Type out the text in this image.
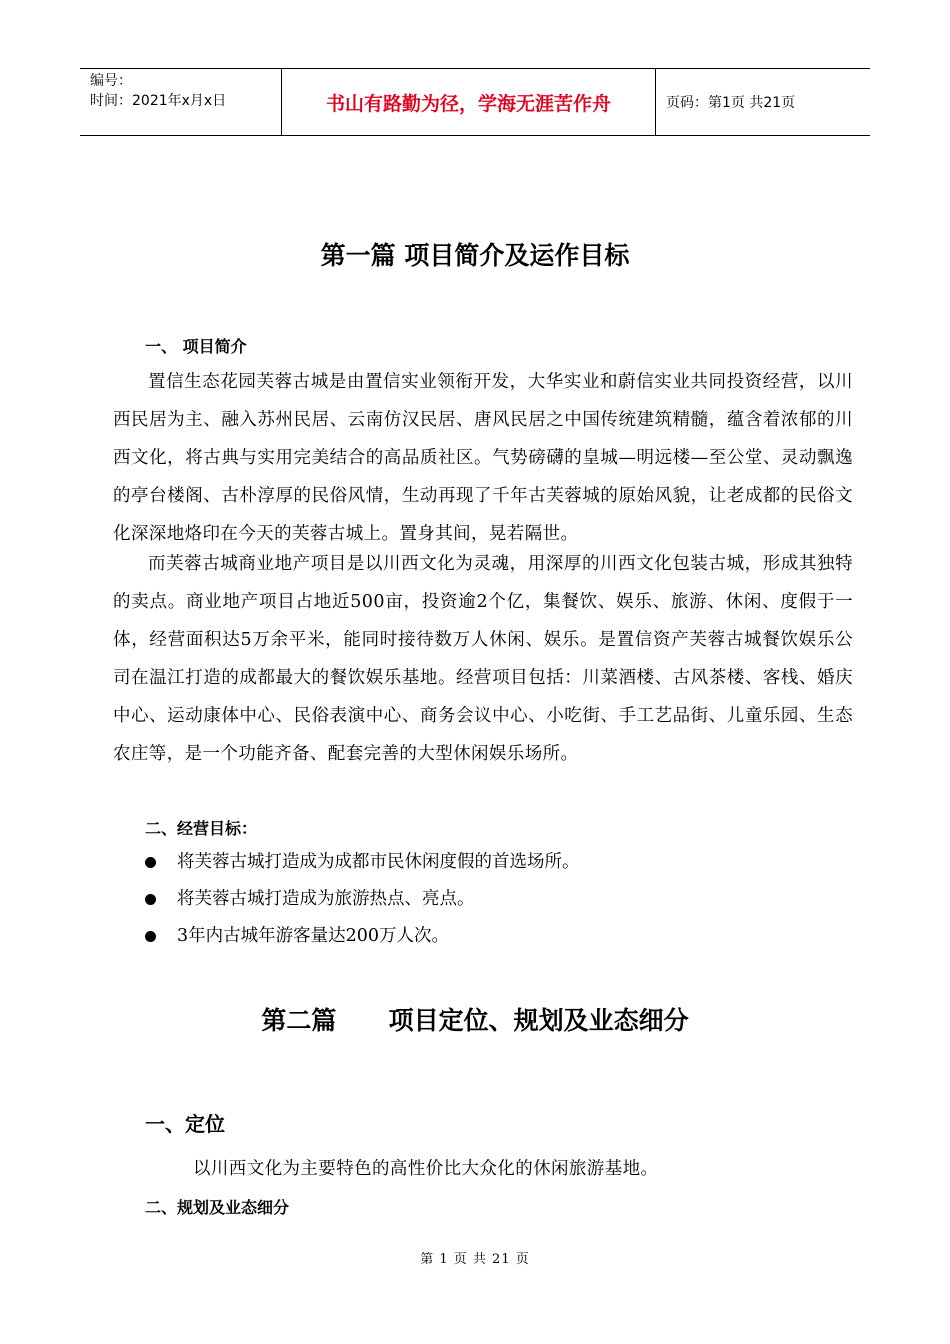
编号：
时间：2021年x月x日	书山有路勤为径，学海无涯苦作舟	页码：第1页 共21页
第一篇 项目简介及运作目标
一、 项目简介
置信生态花园芙蓉古城是由置信实业领衔开发，大华实业和蔚信实业共同投资经营，以川西民居为主、融入苏州民居、云南仿汉民居、唐风民居之中国传统建筑精髓，蕴含着浓郁的川西文化，将古典与实用完美结合的高品质社区。气势磅礴的皇城—明远楼—至公堂、灵动飘逸的亭台楼阁、古朴淳厚的民俗风情，生动再现了千年古芙蓉城的原始风貌，让老成都的民俗文化深深地烙印在今天的芙蓉古城上。置身其间，晃若隔世。
而芙蓉古城商业地产项目是以川西文化为灵魂，用深厚的川西文化包装古城，形成其独特的卖点。商业地产项目占地近500亩，投资逾2个亿，集餐饮、娱乐、旅游、休闲、度假于一体，经营面积达5万余平米，能同时接待数万人休闲、娱乐。是置信资产芙蓉古城餐饮娱乐公司在温江打造的成都最大的餐饮娱乐基地。经营项目包括：川菜酒楼、古风茶楼、客栈、婚庆中心、运动康体中心、民俗表演中心、商务会议中心、小吃街、手工艺品街、儿童乐园、生态农庄等，是一个功能齐备、配套完善的大型休闲娱乐场所。
二、经营目标：
将芙蓉古城打造成为成都市民休闲度假的首选场所。
将芙蓉古城打造成为旅游热点、亮点。
3年内古城年游客量达200万人次。
第二篇      项目定位、规划及业态细分
一、定位
以川西文化为主要特色的高性价比大众化的休闲旅游基地。
二、规划及业态细分
第 1 页 共 21 页
